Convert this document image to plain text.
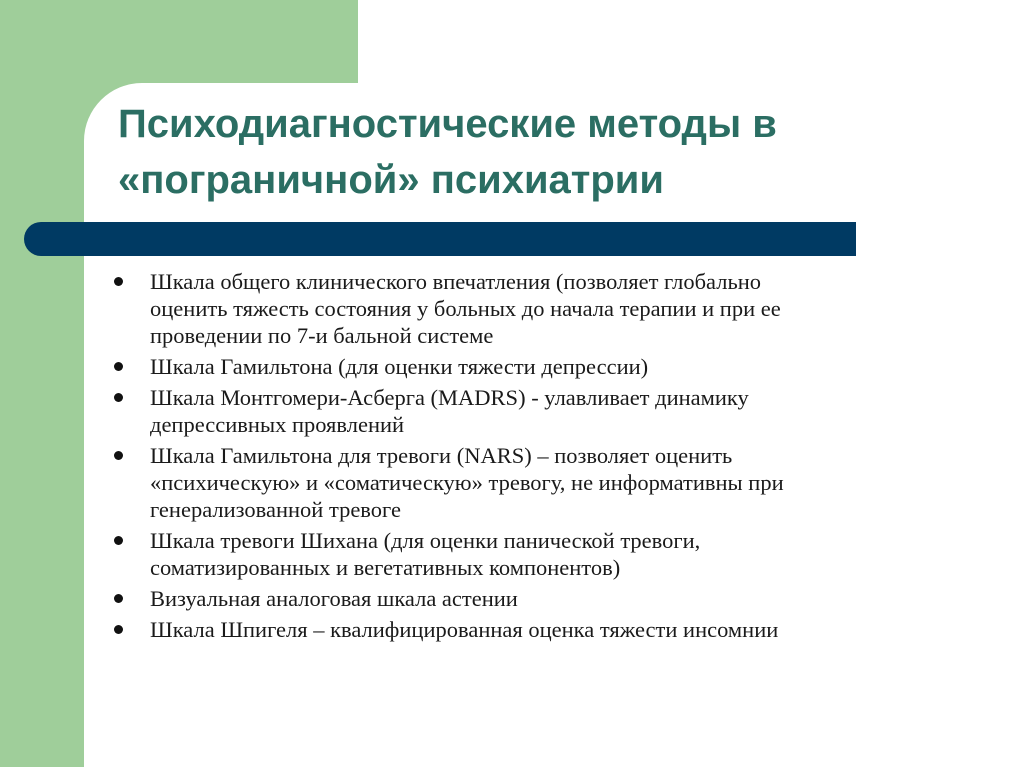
Психодиагностические методы в
«пограничной» психиатрии
Шкала общего клинического впечатления (позволяет глобально
оценить тяжесть состояния у больных до начала терапии и при ее
проведении по 7-и бальной системе
Шкала Гамильтона (для оценки тяжести депрессии)
Шкала Монтгомери-Асберга (MADRS) - улавливает динамику
депрессивных проявлений
Шкала Гамильтона для тревоги (NARS) – позволяет оценить
«психическую» и «соматическую» тревогу, не информативны при
генерализованной тревоге
Шкала тревоги Шихана (для оценки панической тревоги,
соматизированных и вегетативных компонентов)
Визуальная аналоговая шкала астении
Шкала Шпигеля – квалифицированная оценка тяжести инсомнии
